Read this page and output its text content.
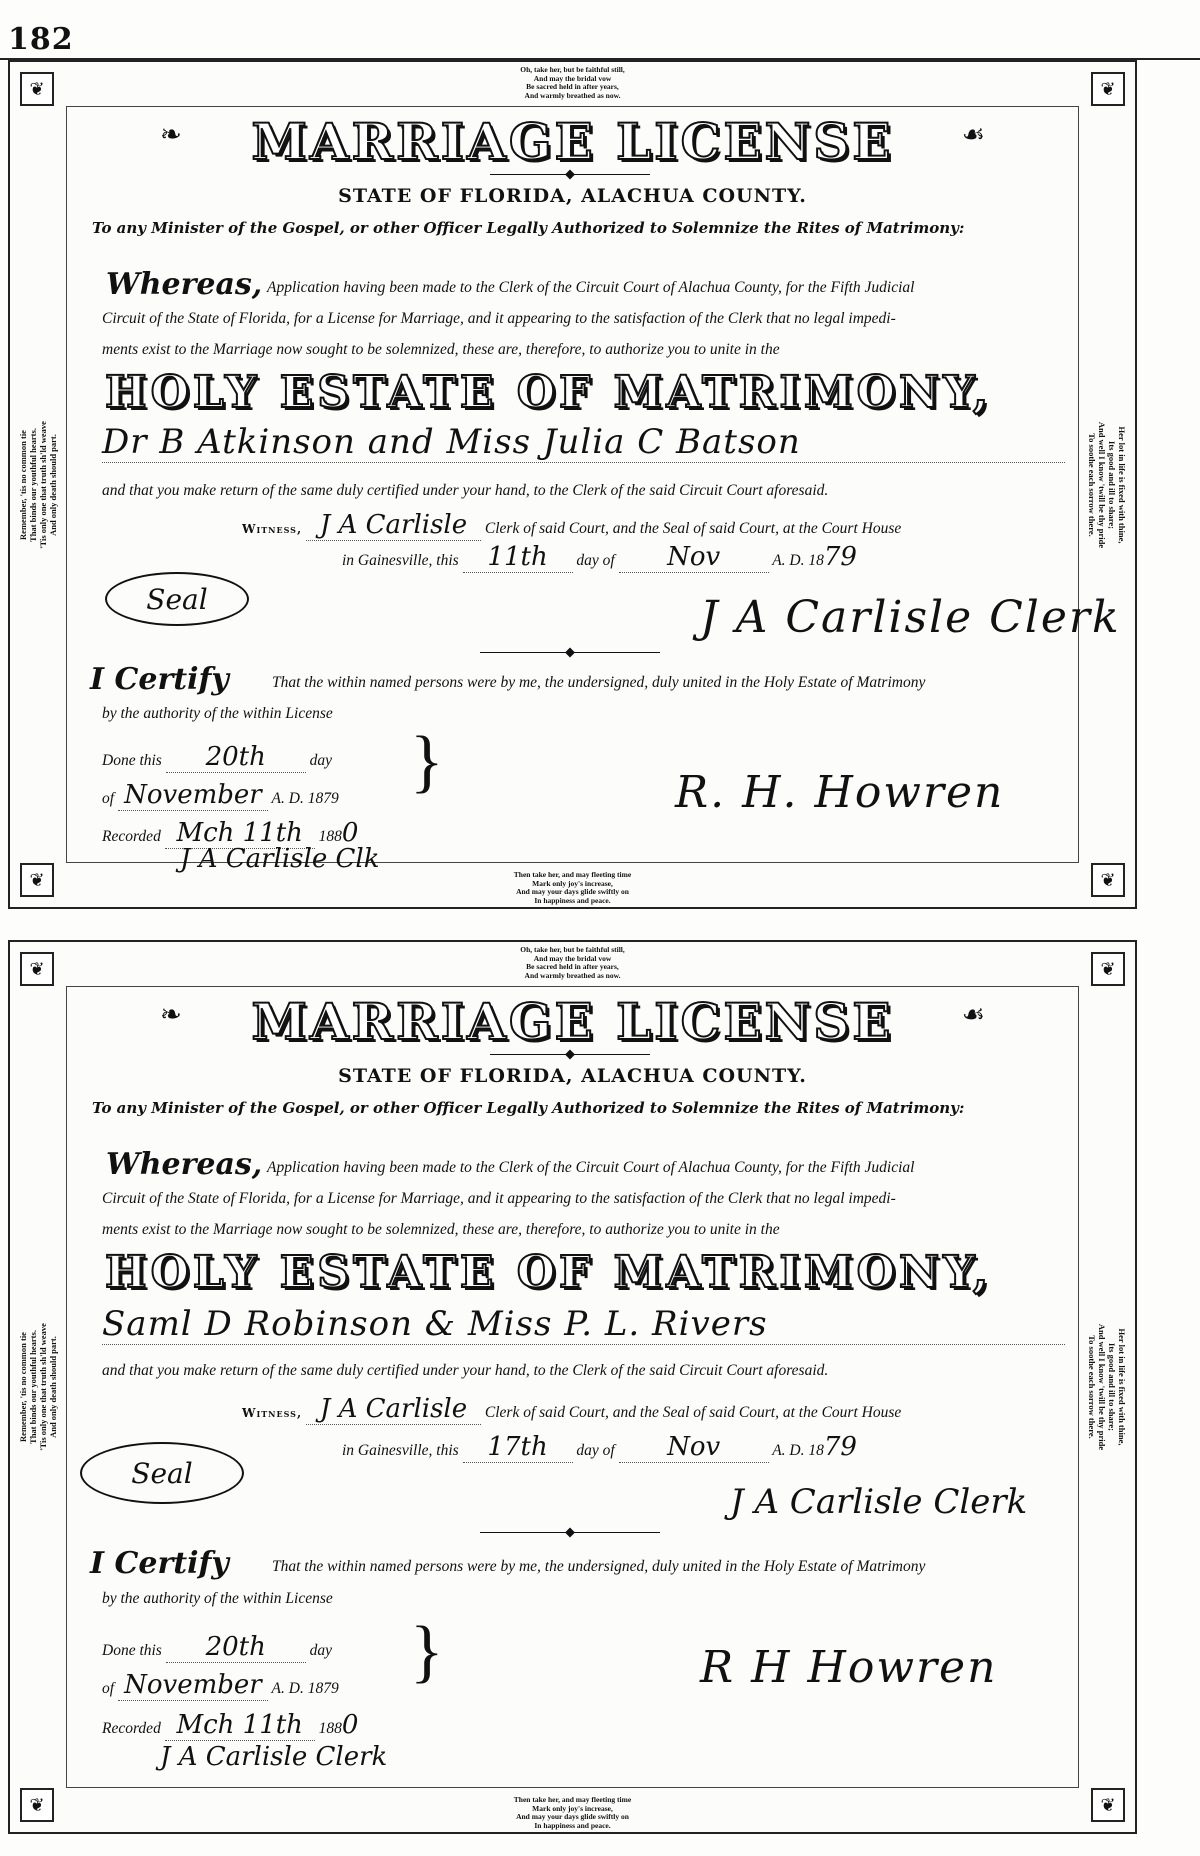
182
❦	❦
❦	❦
Oh, take her, but be faithful still,
And may the bridal vow
Be sacred held in after years,
And warmly breathed as now.
Then take her, and may fleeting time
Mark only joy's increase,
And may your days glide swiftly on
In happiness and peace.
Remember, 'tis no common tie
That binds our youthful hearts.
'Tis only one that truth sh'ld weave
And only death should part.
Her lot in life is fixed with thine,
Its good and ill to share;
And well I know 'twill be thy pride
To soothe each sorrow there.
❧	☙
MARRIAGE LICENSE
STATE OF FLORIDA, ALACHUA COUNTY.
To any Minister of the Gospel, or other Officer Legally Authorized to Solemnize the Rites of Matrimony:
Whereas, Application having been made to the Clerk of the Circuit Court of Alachua County, for the Fifth Judicial
Circuit of the State of Florida, for a License for Marriage, and it appearing to the satisfaction of the Clerk that no legal impedi-
ments exist to the Marriage now sought to be solemnized, these are, therefore, to authorize you to unite in the
HOLY ESTATE OF MATRIMONY,
Dr B Atkinson and Miss Julia C Batson
and that you make return of the same duly certified under your hand, to the Clerk of the said Circuit Court aforesaid.
Witness, J A Carlisle Clerk of said Court, and the Seal of said Court, at the Court House
in Gainesville, this 11th day of Nov	A. D. 1879
Seal	J A Carlisle Clerk
I Certify	That the within named persons were by me, the undersigned, duly united in the Holy Estate of Matrimony
by the authority of the within License
Done this 20th	day
of November A. D. 1879 }
Recorded Mch 11th 1880
J A Carlisle Clk
R. H. Howren
❦	❦
❦	❦
Oh, take her, but be faithful still,
And may the bridal vow
Be sacred held in after years,
And warmly breathed as now.
Then take her, and may fleeting time
Mark only joy's increase,
And may your days glide swiftly on
In happiness and peace.
Remember, 'tis no common tie
That binds our youthful hearts.
'Tis only one that truth sh'ld weave
And only death should part.
Her lot in life is fixed with thine,
Its good and ill to share;
And well I know 'twill be thy pride
To soothe each sorrow there.
❧	☙
MARRIAGE LICENSE
STATE OF FLORIDA, ALACHUA COUNTY.
To any Minister of the Gospel, or other Officer Legally Authorized to Solemnize the Rites of Matrimony:
Whereas, Application having been made to the Clerk of the Circuit Court of Alachua County, for the Fifth Judicial
Circuit of the State of Florida, for a License for Marriage, and it appearing to the satisfaction of the Clerk that no legal impedi-
ments exist to the Marriage now sought to be solemnized, these are, therefore, to authorize you to unite in the
HOLY ESTATE OF MATRIMONY,
Saml D Robinson & Miss P. L. Rivers
and that you make return of the same duly certified under your hand, to the Clerk of the said Circuit Court aforesaid.
Witness, J A Carlisle Clerk of said Court, and the Seal of said Court, at the Court House
in Gainesville, this 17th day of Nov	A. D. 1879
Seal
J A Carlisle Clerk
I Certify	That the within named persons were by me, the undersigned, duly united in the Holy Estate of Matrimony
by the authority of the within License
Done this 20th	day
of November A. D. 1879 }
Recorded Mch 11th 1880
J A Carlisle Clerk
R H Howren
